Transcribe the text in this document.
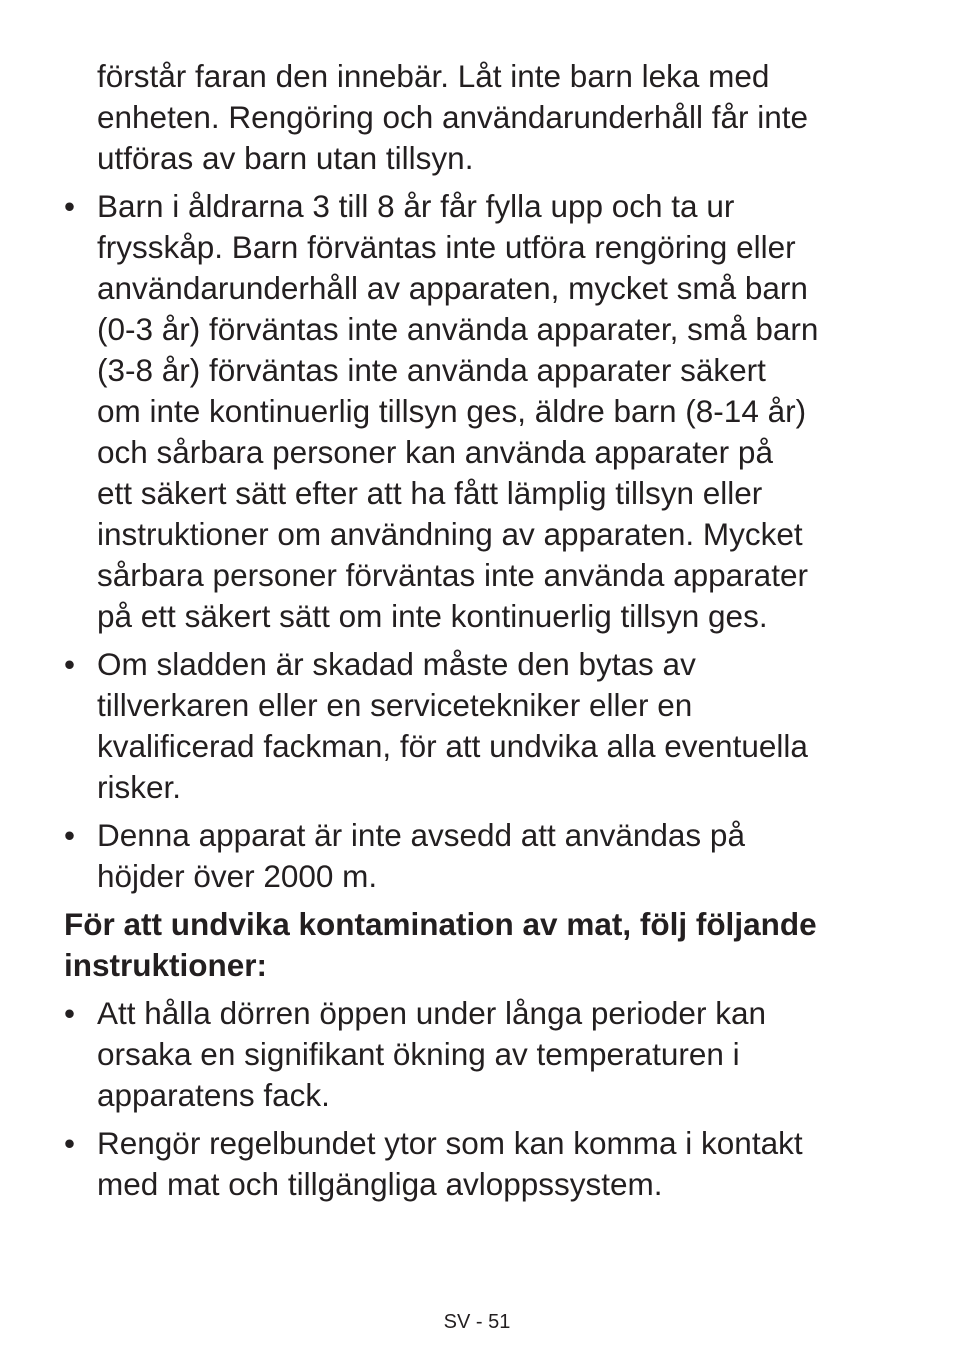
förstår faran den innebär. Låt inte barn leka med
enheten. Rengöring och användarunderhåll får inte
utföras av barn utan tillsyn.
• Barn i åldrarna 3 till 8 år får fylla upp och ta ur
frysskåp. Barn förväntas inte utföra rengöring eller
användarunderhåll av apparaten, mycket små barn
(0-3 år) förväntas inte använda apparater, små barn
(3-8 år) förväntas inte använda apparater säkert
om inte kontinuerlig tillsyn ges, äldre barn (8-14 år)
och sårbara personer kan använda apparater på
ett säkert sätt efter att ha fått lämplig tillsyn eller
instruktioner om användning av apparaten. Mycket
sårbara personer förväntas inte använda apparater
på ett säkert sätt om inte kontinuerlig tillsyn ges.
• Om sladden är skadad måste den bytas av
tillverkaren eller en servicetekniker eller en
kvalificerad fackman, för att undvika alla eventuella
risker.
• Denna apparat är inte avsedd att användas på
höjder över 2000 m.
För att undvika kontamination av mat, följ följande
instruktioner:
• Att hålla dörren öppen under långa perioder kan
orsaka en signifikant ökning av temperaturen i
apparatens fack.
• Rengör regelbundet ytor som kan komma i kontakt
med mat och tillgängliga avloppssystem.
SV - 51
